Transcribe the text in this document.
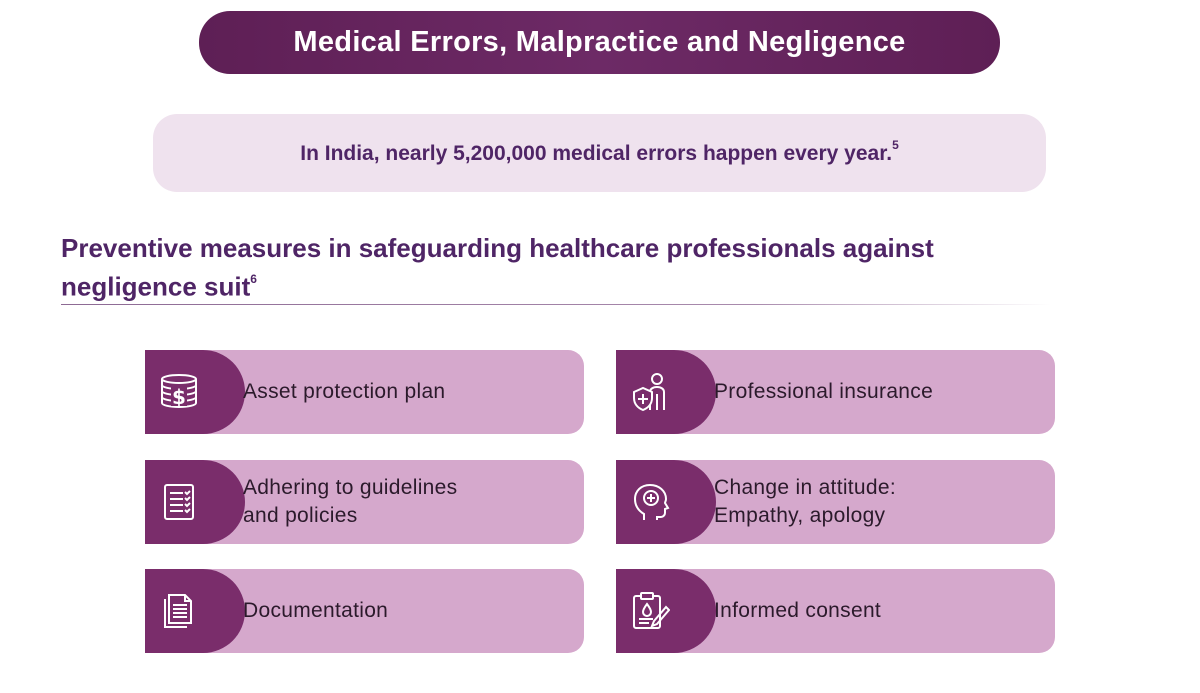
Medical Errors, Malpractice and Negligence
In India, nearly 5,200,000 medical errors happen every year.$^5$
Preventive measures in safeguarding healthcare professionals against
negligence suit$^6$
$	Asset protection plan	Professional insurance
Adhering to guidelines
and policies
Change in attitude:
Empathy, apology
Documentation	Informed consent
